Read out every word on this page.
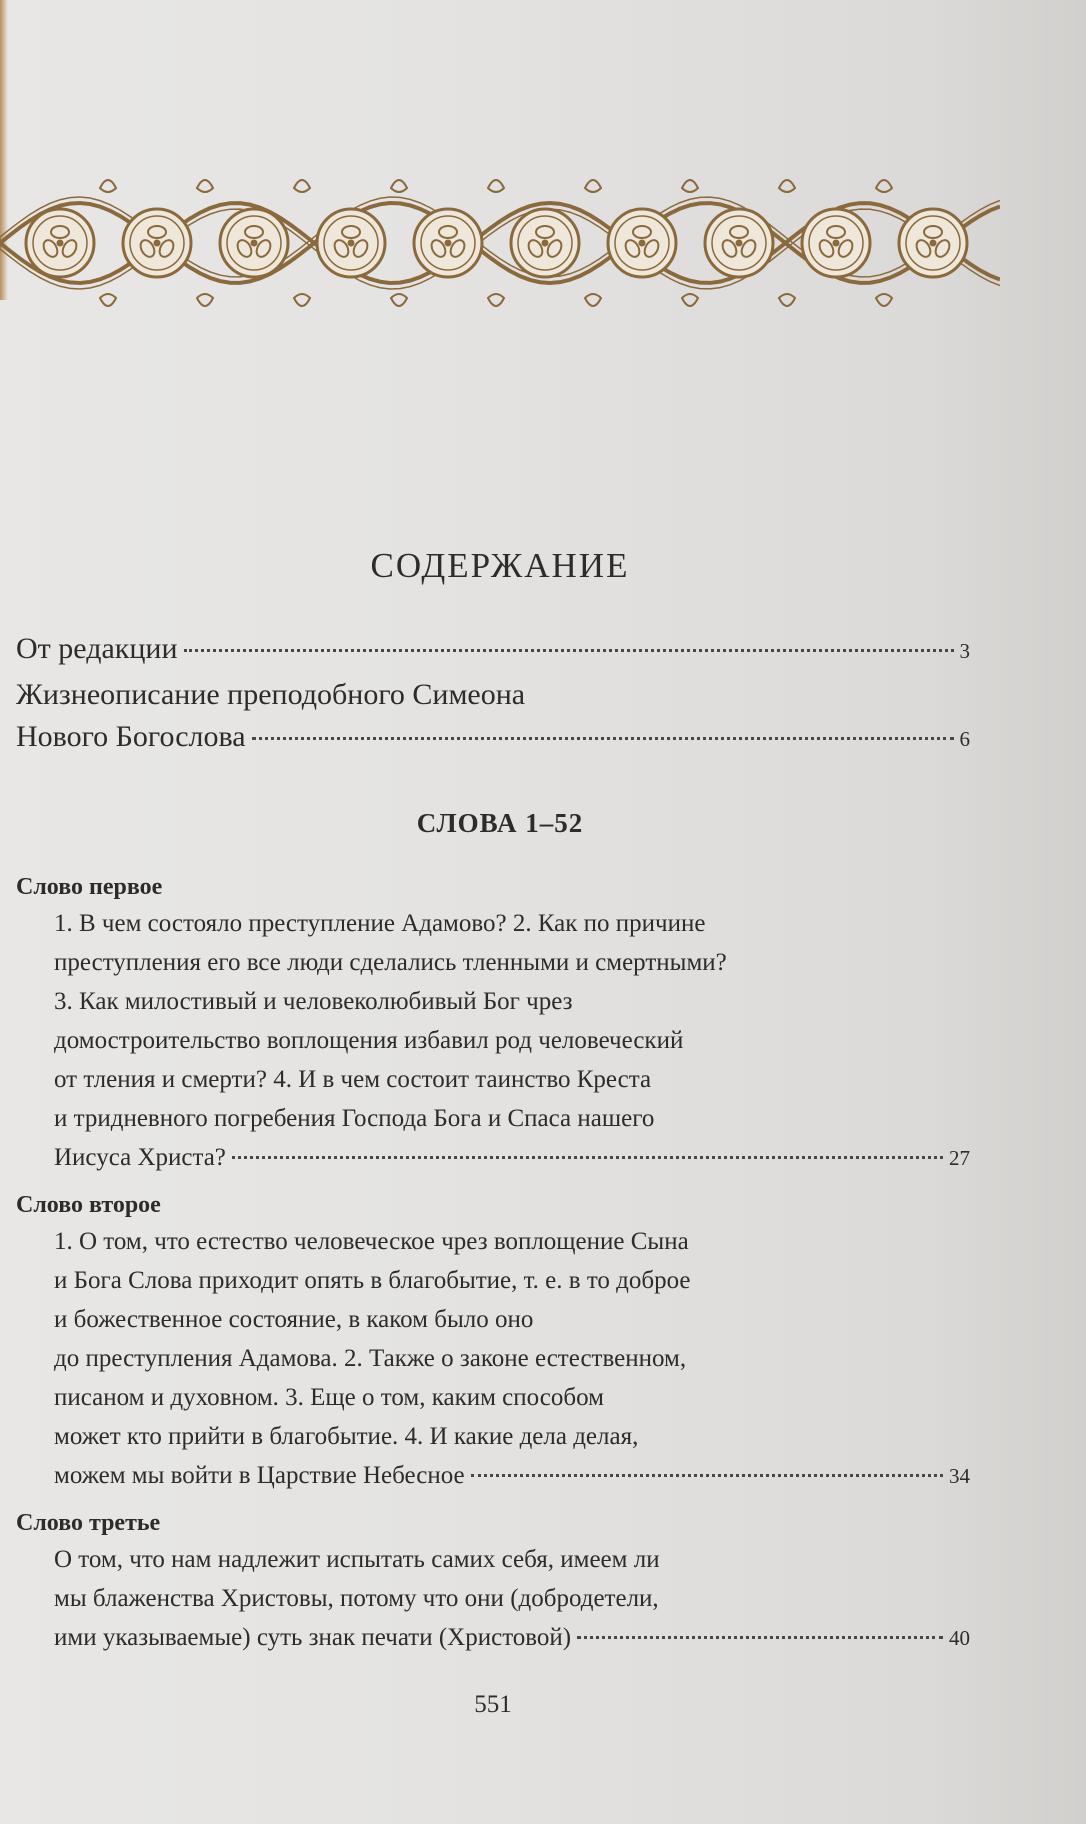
СОДЕРЖАНИЕ
От редакции	3
Жизнеописание преподобного Симеона
Нового Богослова	6
СЛОВА 1–52
Слово первое
1. В чем состояло преступление Адамово? 2. Как по причине
преступления его все люди сделались тленными и смертными?
3. Как милостивый и человеколюбивый Бог чрез
домостроительство воплощения избавил род человеческий
от тления и смерти? 4. И в чем состоит таинство Креста
и тридневного погребения Господа Бога и Спаса нашего
Иисуса Христа?	27
Слово второе
1. О том, что естество человеческое чрез воплощение Сына
и Бога Слова приходит опять в благобытие, т. е. в то доброе
и божественное состояние, в каком было оно
до преступления Адамова. 2. Также о законе естественном,
писаном и духовном. 3. Еще о том, каким способом
может кто прийти в благобытие. 4. И какие дела делая,
можем мы войти в Царствие Небесное	34
Слово третье
О том, что нам надлежит испытать самих себя, имеем ли
мы блаженства Христовы, потому что они (добродетели,
ими указываемые) суть знак печати (Христовой)	40
551
